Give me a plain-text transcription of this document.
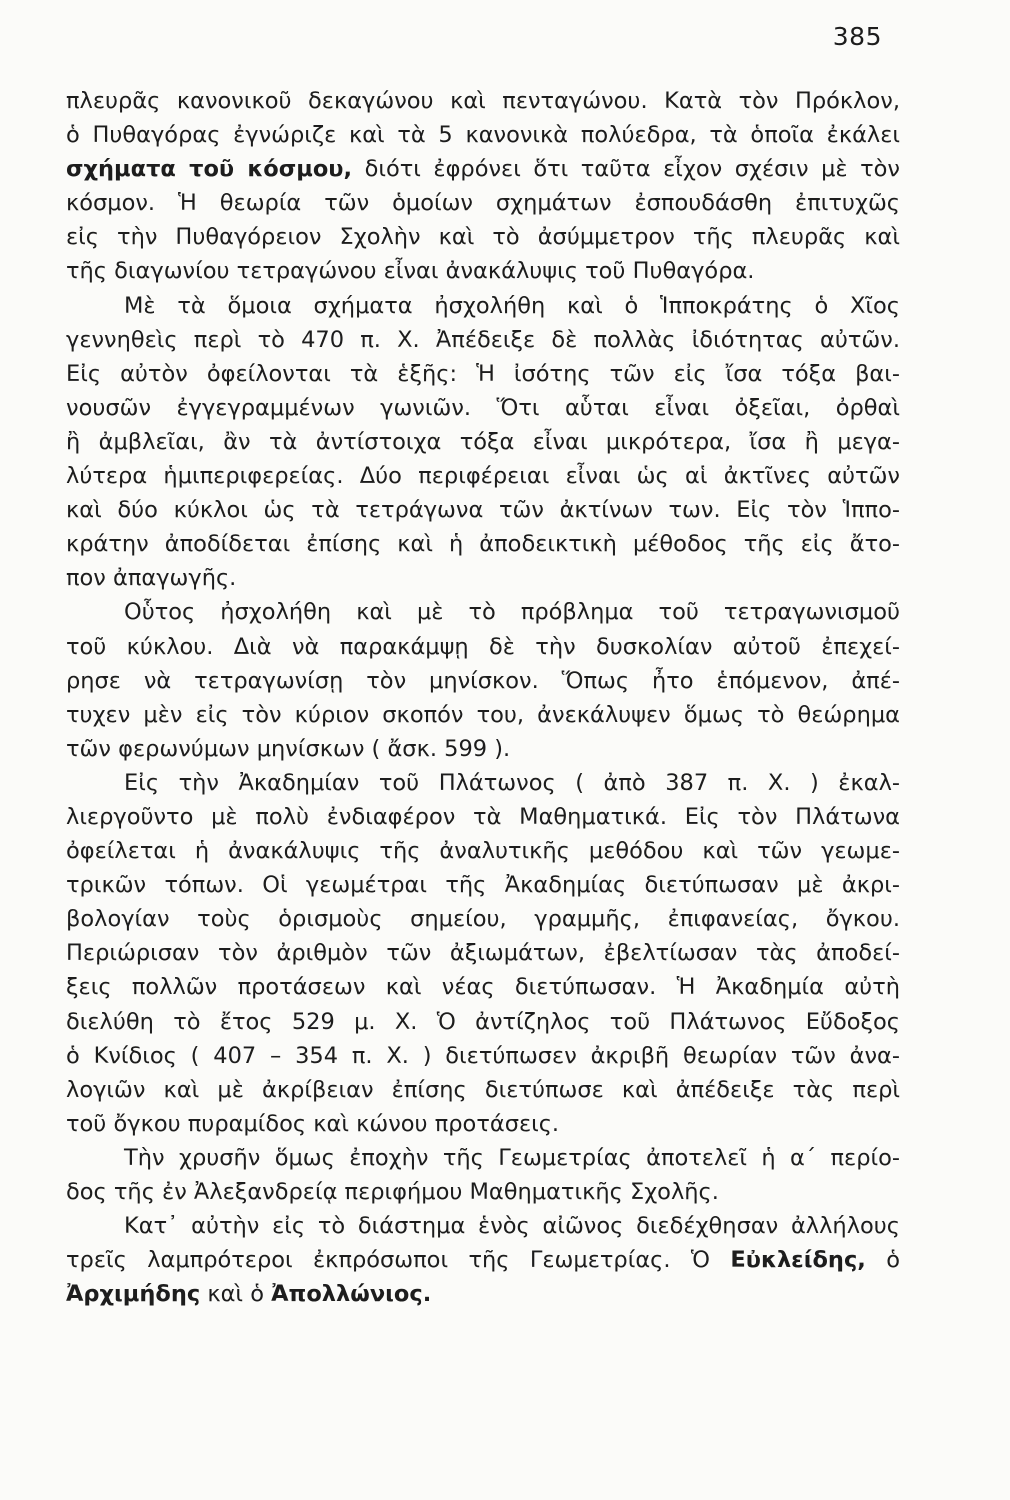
385
πλευρᾶς κανονικοῦ δεκαγώνου καὶ πενταγώνου. Κατὰ τὸν Πρόκλον,
ὁ Πυθαγόρας ἐγνώριζε καὶ τὰ 5 κανονικὰ πολύεδρα, τὰ ὁποῖα ἐκάλει
σχήματα τοῦ κόσμου, διότι ἐφρόνει ὅτι ταῦτα εἶχον σχέσιν μὲ τὸν
κόσμον. Ἡ θεωρία τῶν ὁμοίων σχημάτων ἐσπουδάσθη ἐπιτυχῶς
εἰς τὴν Πυθαγόρειον Σχολὴν καὶ τὸ ἀσύμμετρον τῆς πλευρᾶς καὶ
τῆς διαγωνίου τετραγώνου εἶναι ἀνακάλυψις τοῦ Πυθαγόρα.
Μὲ τὰ ὅμοια σχήματα ἠσχολήθη καὶ ὁ Ἱπποκράτης ὁ Χῖος
γεννηθεὶς περὶ τὸ 470 π. Χ. Ἀπέδειξε δὲ πολλὰς ἰδιότητας αὐτῶν.
Εἰς αὐτὸν ὀφείλονται τὰ ἑξῆς: Ἡ ἰσότης τῶν εἰς ἴσα τόξα βαι-
νουσῶν ἐγγεγραμμένων γωνιῶν. Ὅτι αὗται εἶναι ὀξεῖαι, ὀρθαὶ
ἢ ἀμβλεῖαι, ἂν τὰ ἀντίστοιχα τόξα εἶναι μικρότερα, ἴσα ἢ μεγα-
λύτερα ἡμιπεριφερείας. Δύο περιφέρειαι εἶναι ὡς αἱ ἀκτῖνες αὐτῶν
καὶ δύο κύκλοι ὡς τὰ τετράγωνα τῶν ἀκτίνων των. Εἰς τὸν Ἱππο-
κράτην ἀποδίδεται ἐπίσης καὶ ἡ ἀποδεικτικὴ μέθοδος τῆς εἰς ἄτο-
πον ἀπαγωγῆς.
Οὗτος ἠσχολήθη καὶ μὲ τὸ πρόβλημα τοῦ τετραγωνισμοῦ
τοῦ κύκλου. Διὰ νὰ παρακάμψῃ δὲ τὴν δυσκολίαν αὐτοῦ ἐπεχεί-
ρησε νὰ τετραγωνίσῃ τὸν μηνίσκον. Ὅπως ἦτο ἑπόμενον, ἀπέ-
τυχεν μὲν εἰς τὸν κύριον σκοπόν του, ἀνεκάλυψεν ὅμως τὸ θεώρημα
τῶν φερωνύμων μηνίσκων ( ἄσκ. 599 ).
Εἰς τὴν Ἀκαδημίαν τοῦ Πλάτωνος ( ἀπὸ 387 π. Χ. ) ἐκαλ-
λιεργοῦντο μὲ πολὺ ἐνδιαφέρον τὰ Μαθηματικά. Εἰς τὸν Πλάτωνα
ὀφείλεται ἡ ἀνακάλυψις τῆς ἀναλυτικῆς μεθόδου καὶ τῶν γεωμε-
τρικῶν τόπων. Οἱ γεωμέτραι τῆς Ἀκαδημίας διετύπωσαν μὲ ἀκρι-
βολογίαν τοὺς ὁρισμοὺς σημείου, γραμμῆς, ἐπιφανείας, ὄγκου.
Περιώρισαν τὸν ἀριθμὸν τῶν ἀξιωμάτων, ἐβελτίωσαν τὰς ἀποδεί-
ξεις πολλῶν προτάσεων καὶ νέας διετύπωσαν. Ἡ Ἀκαδημία αὐτὴ
διελύθη τὸ ἔτος 529 μ. Χ. Ὁ ἀντίζηλος τοῦ Πλάτωνος Εὔδοξος
ὁ Κνίδιος ( 407 – 354 π. Χ. ) διετύπωσεν ἀκριβῆ θεωρίαν τῶν ἀνα-
λογιῶν καὶ μὲ ἀκρίβειαν ἐπίσης διετύπωσε καὶ ἀπέδειξε τὰς περὶ
τοῦ ὄγκου πυραμίδος καὶ κώνου προτάσεις.
Τὴν χρυσῆν ὅμως ἐποχὴν τῆς Γεωμετρίας ἀποτελεῖ ἡ α΄ περίο-
δος τῆς ἐν Ἀλεξανδρείᾳ περιφήμου Μαθηματικῆς Σχολῆς.
Κατ᾿ αὐτὴν εἰς τὸ διάστημα ἑνὸς αἰῶνος διεδέχθησαν ἀλλήλους
τρεῖς λαμπρότεροι ἐκπρόσωποι τῆς Γεωμετρίας. Ὁ Εὐκλείδης, ὁ
Ἀρχιμήδης καὶ ὁ Ἀπολλώνιος.
